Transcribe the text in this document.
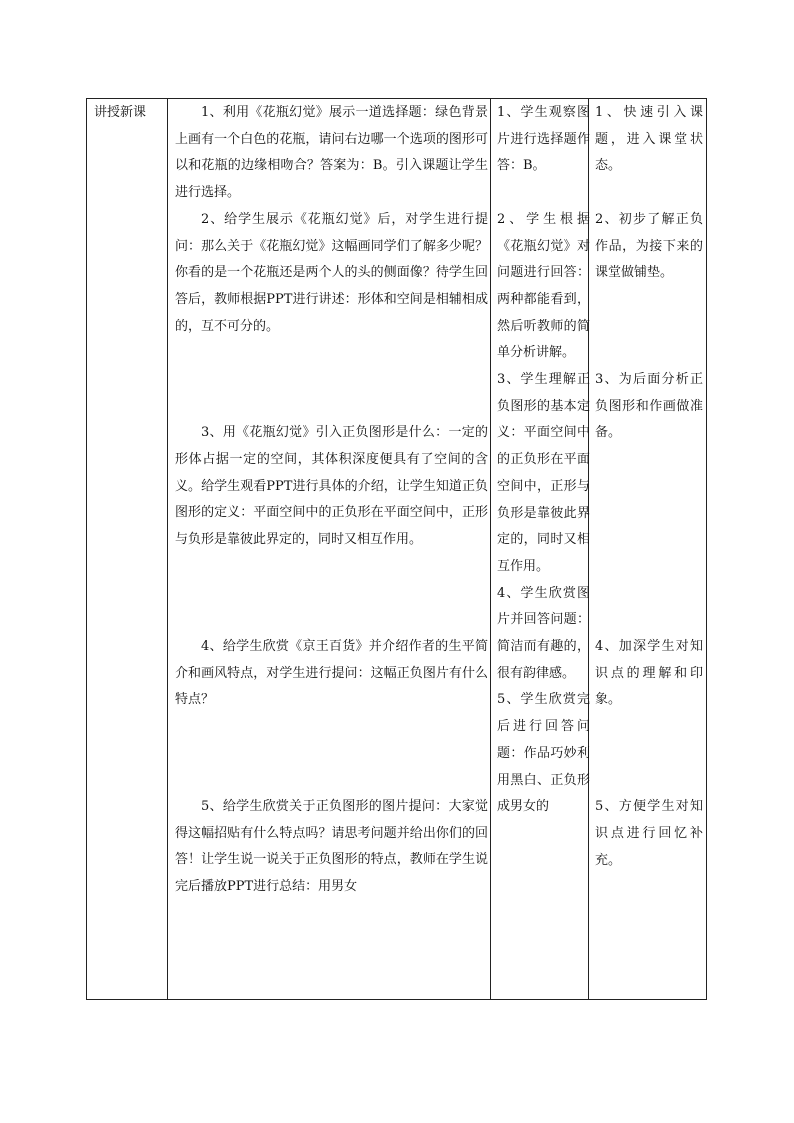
讲授新课	1、利用《花瓶幻觉》展示一道选择题：绿色背景上画有一个白色的花瓶，请问右边哪一个选项的图形可以和花瓶的边缘相吻合？答案为：B。引入课题让学生进行选择。

2、给学生展示《花瓶幻觉》后，对学生进行提问：那么关于《花瓶幻觉》这幅画同学们了解多少呢？你看的是一个花瓶还是两个人的头的侧面像？待学生回答后，教师根据PPT进行讲述：形体和空间是相辅相成的，互不可分的。

3、用《花瓶幻觉》引入正负图形是什么：一定的形体占据一定的空间，其体积深度便具有了空间的含义。给学生观看PPT进行具体的介绍，让学生知道正负图形的定义：平面空间中的正负形在平面空间中，正形与负形是靠彼此界定的，同时又相互作用。

4、给学生欣赏《京王百货》并介绍作者的生平简介和画风特点，对学生进行提问：这幅正负图片有什么特点？

5、给学生欣赏关于正负图形的图片提问：大家觉得这幅招贴有什么特点吗？请思考问题并给出你们的回答！让学生说一说关于正负图形的特点，教师在学生说完后播放PPT进行总结：用男女

1、学生观察图片进行选择题作答：B。

2、学生根据《花瓶幻觉》对问题进行回答：两种都能看到，然后听教师的简单分析讲解。

3、学生理解正负图形的基本定义：平面空间中的正负形在平面空间中，正形与负形是靠彼此界定的，同时又相互作用。

4、学生欣赏图片并回答问题：简洁而有趣的，很有韵律感。

5、学生欣赏完后进行回答问题：作品巧妙利用黑白、正负形成男女的

1、快速引入课题，进入课堂状态。

2、初步了解正负作品，为接下来的课堂做铺垫。

3、为后面分析正负图形和作画做准备。

4、加深学生对知识点的理解和印象。

5、方便学生对知识点进行回忆补充。
